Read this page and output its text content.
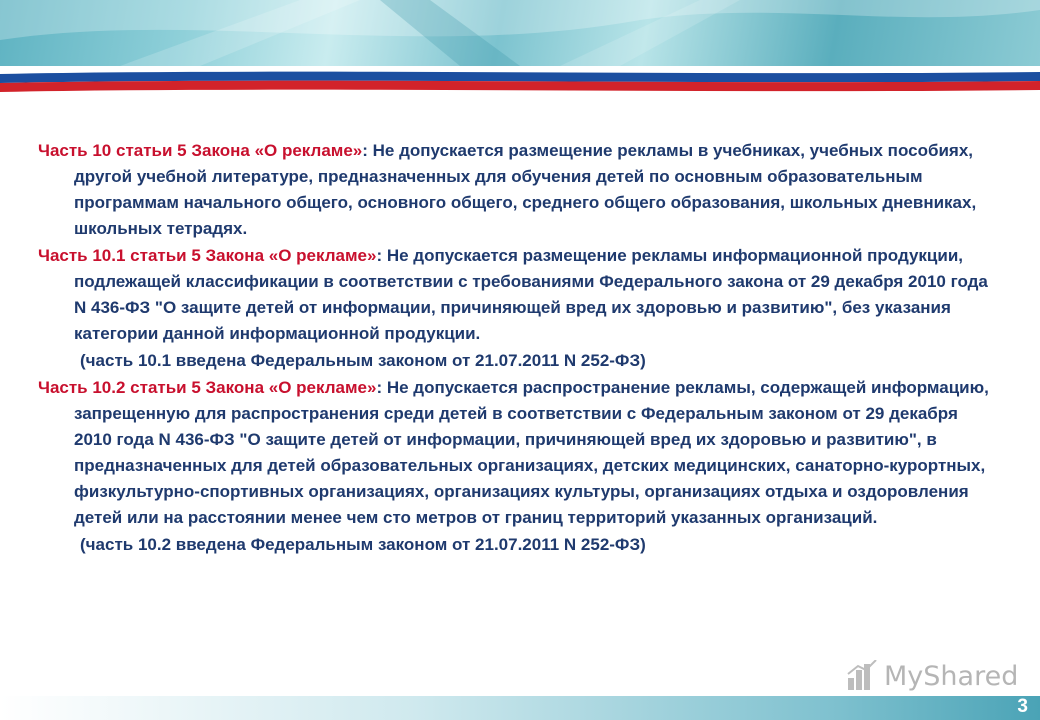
Часть 10 статьи 5 Закона «О рекламе»: Не допускается размещение рекламы в учебниках, учебных пособиях, другой учебной литературе, предназначенных для обучения детей по основным образовательным программам начального общего, основного общего, среднего общего образования, школьных дневниках, школьных тетрадях.

Часть 10.1 статьи 5 Закона «О рекламе»: Не допускается размещение рекламы информационной продукции, подлежащей классификации в соответствии с требованиями Федерального закона от 29 декабря 2010 года N 436-ФЗ "О защите детей от информации, причиняющей вред их здоровью и развитию", без указания категории данной информационной продукции.

(часть 10.1 введена Федеральным законом от 21.07.2011 N 252-ФЗ)

Часть 10.2 статьи 5 Закона «О рекламе»: Не допускается распространение рекламы, содержащей информацию, запрещенную для распространения среди детей в соответствии с Федеральным законом от 29 декабря 2010 года N 436-ФЗ "О защите детей от информации, причиняющей вред их здоровью и развитию", в предназначенных для детей образовательных организациях, детских медицинских, санаторно-курортных, физкультурно-спортивных организациях, организациях культуры, организациях отдыха и оздоровления детей или на расстоянии менее чем сто метров от границ территорий указанных организаций.

(часть 10.2 введена Федеральным законом от 21.07.2011 N 252-ФЗ)

MyShared
3
